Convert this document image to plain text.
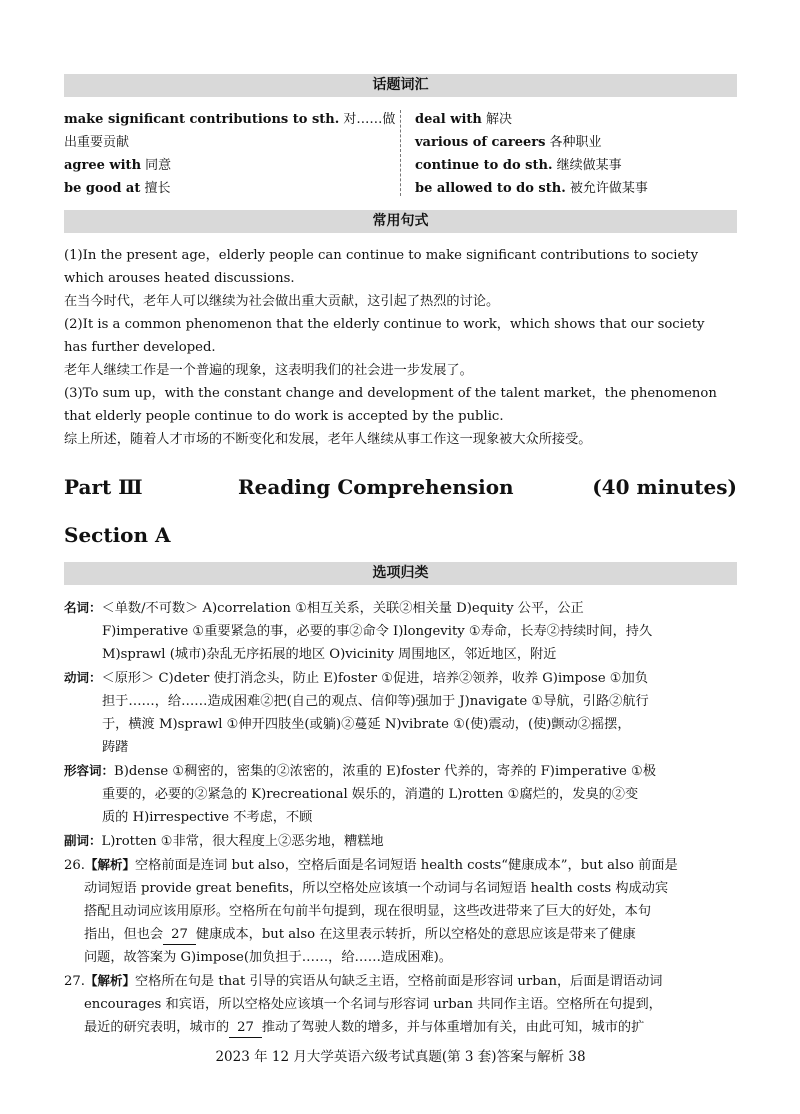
话题词汇
make significant contributions to sth. 对……做
出重要贡献
agree with 同意
be good at 擅长
deal with 解决
various of careers 各种职业
continue to do sth. 继续做某事
be allowed to do sth. 被允许做某事
常用句式
(1)In the present age，elderly people can continue to make significant contributions to society
which arouses heated discussions.
在当今时代，老年人可以继续为社会做出重大贡献，这引起了热烈的讨论。
(2)It is a common phenomenon that the elderly continue to work，which shows that our society
has further developed.
老年人继续工作是一个普遍的现象，这表明我们的社会进一步发展了。
(3)To sum up，with the constant change and development of the talent market，the phenomenon
that elderly people continue to do work is accepted by the public.
综上所述，随着人才市场的不断变化和发展，老年人继续从事工作这一现象被大众所接受。
Part Ⅲ	Reading Comprehension	(40 minutes)
Section A
选项归类
名词：＜单数/不可数＞ A)correlation ①相互关系，关联②相关量 D)equity 公平，公正
F)imperative ①重要紧急的事，必要的事②命令 I)longevity ①寿命，长寿②持续时间，持久
M)sprawl (城市)杂乱无序拓展的地区 O)vicinity 周围地区，邻近地区，附近
动词：＜原形＞ C)deter 使打消念头，防止 E)foster ①促进，培养②领养，收养 G)impose ①加负
担于……，给……造成困难②把(自己的观点、信仰等)强加于 J)navigate ①导航，引路②航行
于，横渡 M)sprawl ①伸开四肢坐(或躺)②蔓延 N)vibrate ①(使)震动，(使)颤动②摇摆，
踌躇
形容词：B)dense ①稠密的，密集的②浓密的，浓重的 E)foster 代养的，寄养的 F)imperative ①极
重要的，必要的②紧急的 K)recreational 娱乐的，消遣的 L)rotten ①腐烂的，发臭的②变
质的 H)irrespective 不考虑，不顾
副词：L)rotten ①非常，很大程度上②恶劣地，糟糕地
26.【解析】空格前面是连词 but also，空格后面是名词短语 health costs“健康成本”，but also 前面是
动词短语 provide great benefits，所以空格处应该填一个动词与名词短语 health costs 构成动宾
搭配且动词应该用原形。空格所在句前半句提到，现在很明显，这些改进带来了巨大的好处，本句
指出，但也会 27 健康成本，but also 在这里表示转折，所以空格处的意思应该是带来了健康
问题，故答案为 G)impose(加负担于……，给……造成困难)。
27.【解析】空格所在句是 that 引导的宾语从句缺乏主语，空格前面是形容词 urban，后面是谓语动词
encourages 和宾语，所以空格处应该填一个名词与形容词 urban 共同作主语。空格所在句提到，
最近的研究表明，城市的 27 推动了驾驶人数的增多，并与体重增加有关，由此可知，城市的扩
2023 年 12 月大学英语六级考试真题(第 3 套)答案与解析 38
